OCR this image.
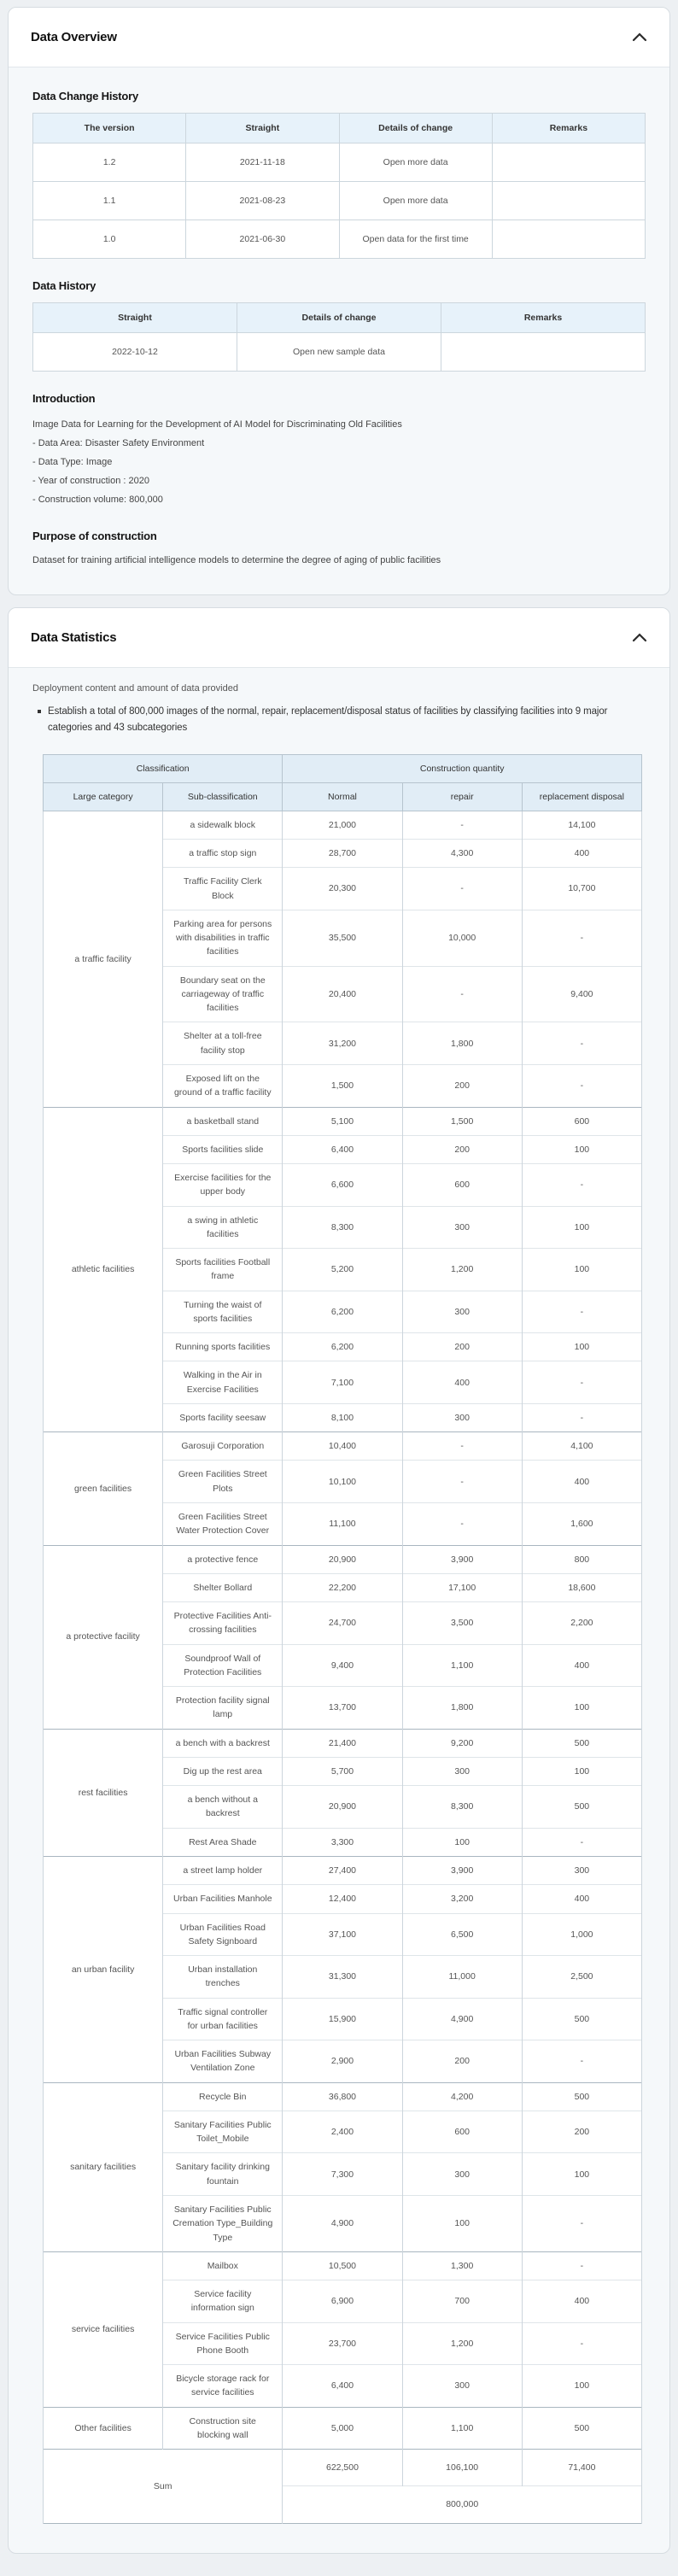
Data Overview
Data Change History
The version	Straight	Details of change	Remarks
1.2	2021-11-18	Open more data	
1.1	2021-08-23	Open more data	
1.0	2021-06-30	Open data for the first time	
Data History
Straight	Details of change	Remarks
2022-10-12	Open new sample data	
Introduction

Image Data for Learning for the Development of AI Model for Discriminating Old Facilities

- Data Area: Disaster Safety Environment

- Data Type: Image

- Year of construction : 2020

- Construction volume: 800,000

Purpose of construction

Dataset for training artificial intelligence models to determine the degree of aging of public facilities

Data Statistics

Deployment content and amount of data provided

Establish a total of 800,000 images of the normal, repair, replacement/disposal status of facilities by classifying facilities into 9 major categories and 43 subcategories
Classification		Construction quantity		
Large category	Sub-classification	Normal	repair	replacement disposal
a traffic facility	a sidewalk block	21,000	-	14,100
	a traffic stop sign	28,700	4,300	400
	Traffic Facility Clerk Block	20,300	-	10,700
	Parking area for persons with disabilities in traffic facilities	35,500	10,000	-
	Boundary seat on the carriageway of traffic facilities	20,400	-	9,400
	Shelter at a toll-free facility stop	31,200	1,800	-
	Exposed lift on the ground of a traffic facility	1,500	200	-
athletic facilities	a basketball stand	5,100	1,500	600
	Sports facilities slide	6,400	200	100
	Exercise facilities for the upper body	6,600	600	-
	a swing in athletic facilities	8,300	300	100
	Sports facilities Football frame	5,200	1,200	100
	Turning the waist of sports facilities	6,200	300	-
	Running sports facilities	6,200	200	100
	Walking in the Air in Exercise Facilities	7,100	400	-
	Sports facility seesaw	8,100	300	-
green facilities	Garosuji Corporation	10,400	-	4,100
	Green Facilities Street Plots	10,100	-	400
	Green Facilities Street Water Protection Cover	11,100	-	1,600
a protective facility	a protective fence	20,900	3,900	800
	Shelter Bollard	22,200	17,100	18,600
	Protective Facilities Anti-crossing facilities	24,700	3,500	2,200
	Soundproof Wall of Protection Facilities	9,400	1,100	400
	Protection facility signal lamp	13,700	1,800	100
rest facilities	a bench with a backrest	21,400	9,200	500
	Dig up the rest area	5,700	300	100
	a bench without a backrest	20,900	8,300	500
	Rest Area Shade	3,300	100	-
an urban facility	a street lamp holder	27,400	3,900	300
	Urban Facilities Manhole	12,400	3,200	400
	Urban Facilities Road Safety Signboard	37,100	6,500	1,000
	Urban installation trenches	31,300	11,000	2,500
	Traffic signal controller for urban facilities	15,900	4,900	500
	Urban Facilities Subway Ventilation Zone	2,900	200	-
sanitary facilities	Recycle Bin	36,800	4,200	500
	Sanitary Facilities Public Toilet_Mobile	2,400	600	200
	Sanitary facility drinking fountain	7,300	300	100
	Sanitary Facilities Public Cremation Type_Building Type	4,900	100	-
service facilities	Mailbox	10,500	1,300	-
	Service facility information sign	6,900	700	400
	Service Facilities Public Phone Booth	23,700	1,200	-
	Bicycle storage rack for service facilities	6,400	300	100
Other facilities	Construction site blocking wall	5,000	1,100	500
Sum		622,500	106,100	71,400
		800,000		
